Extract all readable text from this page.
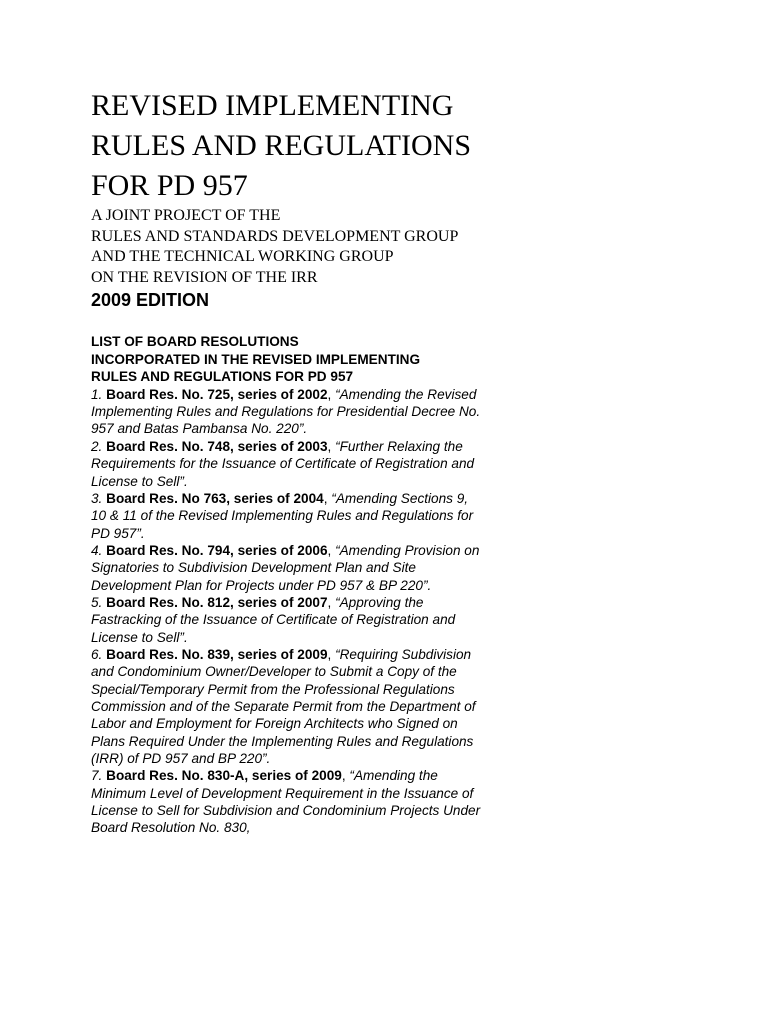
REVISED IMPLEMENTING
RULES AND REGULATIONS
FOR PD 957
A JOINT PROJECT OF THE
RULES AND STANDARDS DEVELOPMENT GROUP
AND THE TECHNICAL WORKING GROUP
ON THE REVISION OF THE IRR
2009 EDITION
LIST OF BOARD RESOLUTIONS
INCORPORATED IN THE REVISED IMPLEMENTING
RULES AND REGULATIONS FOR PD 957

1. Board Res. No. 725, series of 2002, “Amending the Revised Implementing Rules and Regulations for Presidential Decree No. 957 and Batas Pambansa No. 220”.

2. Board Res. No. 748, series of 2003, “Further Relaxing the Requirements for the Issuance of Certificate of Registration and License to Sell”.

3. Board Res. No 763, series of 2004, “Amending Sections 9, 10 & 11 of the Revised Implementing Rules and Regulations for PD 957”.

4. Board Res. No. 794, series of 2006, “Amending Provision on Signatories to Subdivision Development Plan and Site Development Plan for Projects under PD 957 & BP 220”.

5. Board Res. No. 812, series of 2007, “Approving the Fastracking of the Issuance of Certificate of Registration and License to Sell”.

6. Board Res. No. 839, series of 2009, “Requiring Subdivision and Condominium Owner/Developer to Submit a Copy of the Special/Temporary Permit from the Professional Regulations Commission and of the Separate Permit from the Department of Labor and Employment for Foreign Architects who Signed on Plans Required Under the Implementing Rules and Regulations (IRR) of PD 957 and BP 220”.

7. Board Res. No. 830-A, series of 2009, “Amending the Minimum Level of Development Requirement in the Issuance of License to Sell for Subdivision and Condominium Projects Under Board Resolution No. 830,
